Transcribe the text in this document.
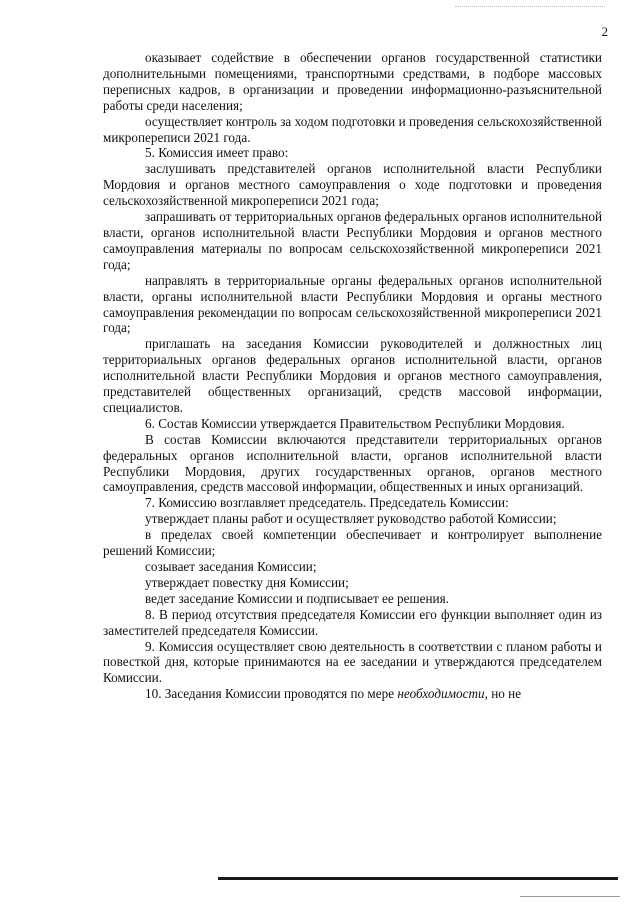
2

оказывает содействие в обеспечении органов государственной статистики дополнительными помещениями, транспортными средствами, в подборе массовых переписных кадров, в организации и проведении информационно-разъяснительной работы среди населения;

осуществляет контроль за ходом подготовки и проведения сельскохозяйственной микропереписи 2021 года.

5. Комиссия имеет право:

заслушивать представителей органов исполнительной власти Республики Мордовия и органов местного самоуправления о ходе подготовки и проведения сельскохозяйственной микропереписи 2021 года;

запрашивать от территориальных органов федеральных органов исполнительной власти, органов исполнительной власти Республики Мордовия и органов местного самоуправления материалы по вопросам сельскохозяйственной микропереписи 2021 года;

направлять в территориальные органы федеральных органов исполнительной власти, органы исполнительной власти Республики Мордовия и органы местного самоуправления рекомендации по вопросам сельскохозяйственной микропереписи 2021 года;

приглашать на заседания Комиссии руководителей и должностных лиц территориальных органов федеральных органов исполнительной власти, органов исполнительной власти Республики Мордовия и органов местного самоуправления, представителей общественных организаций, средств массовой информации, специалистов.

6. Состав Комиссии утверждается Правительством Республики Мордовия.

В состав Комиссии включаются представители территориальных органов федеральных органов исполнительной власти, органов исполнительной власти Республики Мордовия, других государственных органов, органов местного самоуправления, средств массовой информации, общественных и иных организаций.

7. Комиссию возглавляет председатель. Председатель Комиссии:

утверждает планы работ и осуществляет руководство работой Комиссии;

в пределах своей компетенции обеспечивает и контролирует выполнение решений Комиссии;

созывает заседания Комиссии;

утверждает повестку дня Комиссии;

ведет заседание Комиссии и подписывает ее решения.

8. В период отсутствия председателя Комиссии его функции выполняет один из заместителей председателя Комиссии.

9. Комиссия осуществляет свою деятельность в соответствии с планом работы и повесткой дня, которые принимаются на ее заседании и утверждаются председателем Комиссии.

10. Заседания Комиссии проводятся по мере необходимости, но не
